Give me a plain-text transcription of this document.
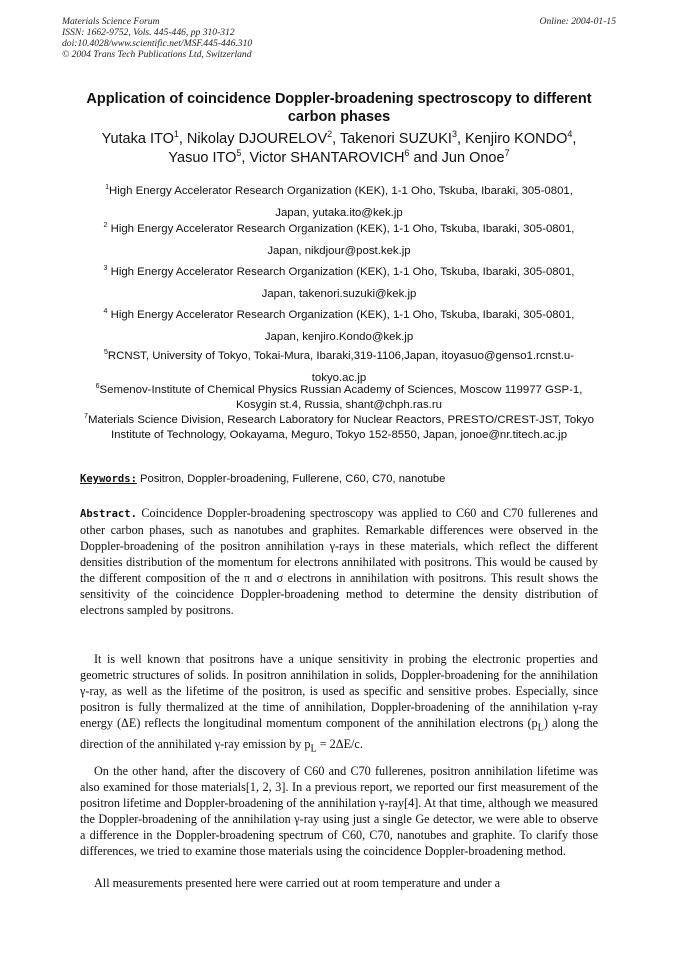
Materials Science Forum
ISSN: 1662-9752, Vols. 445-446, pp 310-312
doi:10.4028/www.scientific.net/MSF.445-446.310
© 2004 Trans Tech Publications Ltd, Switzerland
Online: 2004-01-15
Application of coincidence Doppler-broadening spectroscopy to different carbon phases
Yutaka ITO$^1$, Nikolay DJOURELOV$^2$, Takenori SUZUKI$^3$, Kenjiro KONDO$^4$, Yasuo ITO$^5$, Victor SHANTAROVICH$^6$ and Jun Onoe$^7$
$^1$High Energy Accelerator Research Organization (KEK), 1-1 Oho, Tskuba, Ibaraki, 305-0801, Japan, yutaka.ito@kek.jp
$^2$ High Energy Accelerator Research Organization (KEK), 1-1 Oho, Tskuba, Ibaraki, 305-0801, Japan, nikdjour@post.kek.jp
$^3$ High Energy Accelerator Research Organization (KEK), 1-1 Oho, Tskuba, Ibaraki, 305-0801, Japan, takenori.suzuki@kek.jp
$^4$ High Energy Accelerator Research Organization (KEK), 1-1 Oho, Tskuba, Ibaraki, 305-0801, Japan, kenjiro.Kondo@kek.jp
$^5$RCNST, University of Tokyo, Tokai-Mura, Ibaraki,319-1106,Japan, itoyasuo@genso1.rcnst.u-tokyo.ac.jp
$^6$Semenov-Institute of Chemical Physics Russian Academy of Sciences, Moscow 119977 GSP-1, Kosygin st.4, Russia, shant@chph.ras.ru
$^7$Materials Science Division, Research Laboratory for Nuclear Reactors, PRESTO/CREST-JST, Tokyo Institute of Technology, Ookayama, Meguro, Tokyo 152-8550, Japan, jonoe@nr.titech.ac.jp
Keywords: Positron, Doppler-broadening, Fullerene, C60, C70, nanotube

Abstract. Coincidence Doppler-broadening spectroscopy was applied to C60 and C70 fullerenes and other carbon phases, such as nanotubes and graphites. Remarkable differences were observed in the Doppler-broadening of the positron annihilation γ-rays in these materials, which reflect the different densities distribution of the momentum for electrons annihilated with positrons. This would be caused by the different composition of the π and σ electrons in annihilation with positrons. This result shows the sensitivity of the coincidence Doppler-broadening method to determine the density distribution of electrons sampled by positrons.

It is well known that positrons have a unique sensitivity in probing the electronic properties and geometric structures of solids. In positron annihilation in solids, Doppler-broadening for the annihilation γ-ray, as well as the lifetime of the positron, is used as specific and sensitive probes. Especially, since positron is fully thermalized at the time of annihilation, Doppler-broadening of the annihilation γ-ray energy (ΔE) reflects the longitudinal momentum component of the annihilation electrons $(p_L)$ along the direction of the annihilated γ-ray emission by $p_L = 2\Delta E/c$.

On the other hand, after the discovery of C60 and C70 fullerenes, positron annihilation lifetime was also examined for those materials[1, 2, 3]. In a previous report, we reported our first measurement of the positron lifetime and Doppler-broadening of the annihilation γ-ray[4]. At that time, although we measured the Doppler-broadening of the annihilation γ-ray using just a single Ge detector, we were able to observe a difference in the Doppler-broadening spectrum of C60, C70, nanotubes and graphite. To clarify those differences, we tried to examine those materials using the coincidence Doppler-broadening method.

All measurements presented here were carried out at room temperature and under a
